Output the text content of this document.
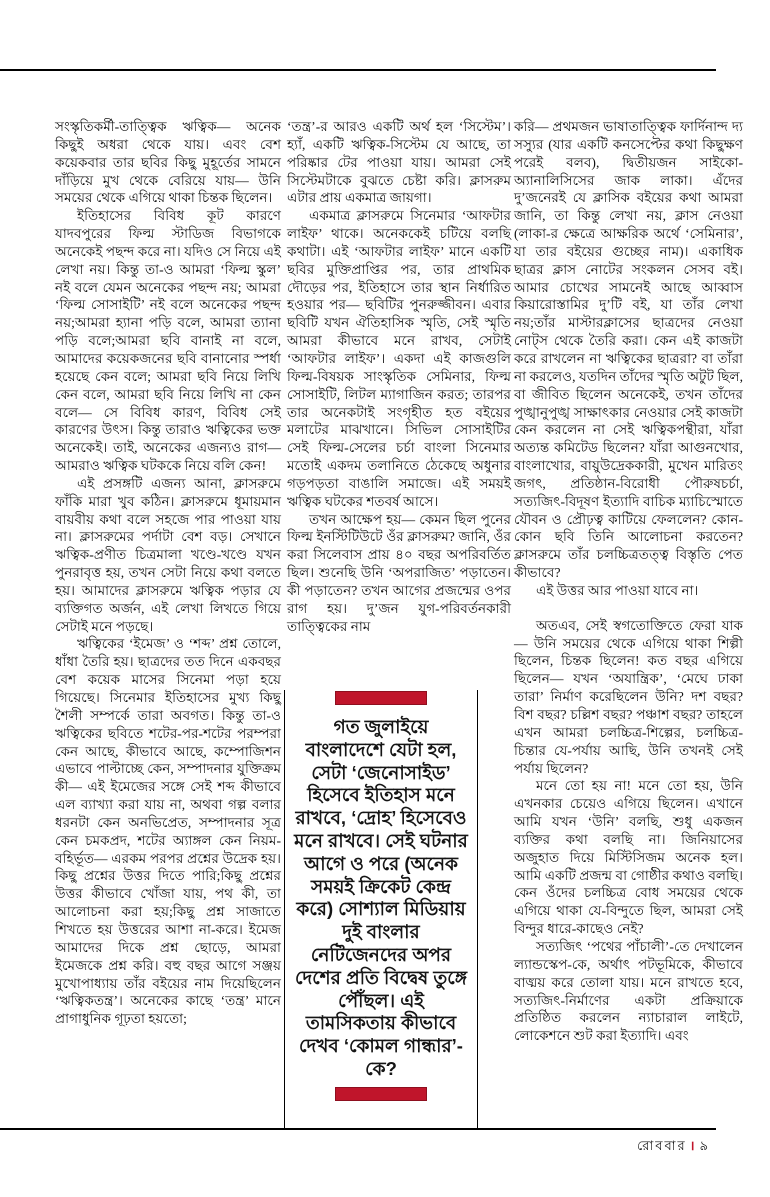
সংস্কৃতিকর্মী-তাত্ত্বিক ঋত্বিক— অনেক কিছুই অধরা থেকে যায়। এবং বেশ কয়েকবার তার ছবির কিছু মুহূর্তের সামনে দাঁড়িয়ে মুখ থেকে বেরিয়ে যায়— উনি সময়ের থেকে এগিয়ে থাকা চিন্তক ছিলেন।

ইতিহাসের বিবিধ কূট কারণে যাদবপুরের ফিল্ম স্টাডিজ বিভাগকে অনেকেই পছন্দ করে না। যদিও সে নিয়ে এই লেখা নয়। কিন্তু তা-ও আমরা ‘ফিল্ম স্কুল’ নই বলে যেমন অনেকের পছন্দ নয়; আমরা ‘ফিল্ম সোসাইটি’ নই বলে অনেকের পছন্দ নয়;আমরা হ্যানা পড়ি বলে, আমরা ত্যানা পড়ি বলে;আমরা ছবি বানাই না বলে, আমাদের কয়েকজনের ছবি বানানোর স্পর্ধা হয়েছে কেন বলে; আমরা ছবি নিয়ে লিখি কেন বলে, আমরা ছবি নিয়ে লিখি না কেন বলে— সে বিবিধ কারণ, বিবিধ সেই কারণের উৎস। কিন্তু তারাও ঋত্বিকের ভক্ত অনেকেই। তাই, অনেকের এজন্যও রাগ— আমরাও ঋত্বিক ঘটককে নিয়ে বলি কেন!

এই প্রসঙ্গটি এজন্য আনা, ক্লাসরুমে ফাঁকি মারা খুব কঠিন। ক্লাসরুমে ধূমায়মান বায়বীয় কথা বলে সহজে পার পাওয়া যায় না। ক্লাসরুমের পর্দাটা বেশ বড়। সেখানে ঋত্বিক-প্রণীত চিত্রমালা খণ্ডে-খণ্ডে যখন পুনরাবৃত্ত হয়, তখন সেটা নিয়ে কথা বলতে হয়। আমাদের ক্লাসরুমে ঋত্বিক পড়ার যে ব্যক্তিগত অর্জন, এই লেখা লিখতে গিয়ে সেটাই মনে পড়ছে।

ঋত্বিকের ‘ইমেজ’ ও ‘শব্দ’ প্রশ্ন তোলে, ধাঁধা তৈরি হয়। ছাত্রদের তত দিনে একবছর বেশ কয়েক মাসের সিনেমা পড়া হয়ে গিয়েছে। সিনেমার ইতিহাসের মুখ্য কিছু শৈলী সম্পর্কে তারা অবগত। কিন্তু তা-ও ঋত্বিকের ছবিতে শটের-পর-শটের পরম্পরা কেন আছে, কীভাবে আছে, কম্পোজিশন এভাবে পাল্টাচ্ছে কেন, সম্পাদনার যুক্তিক্রম কী— এই ইমেজের সঙ্গে সেই শব্দ কীভাবে এল ব্যাখ্যা করা যায় না, অথবা গল্প বলার ধরনটা কেন অনভিপ্রেত, সম্পাদনার সূত্র কেন চমকপ্রদ, শটের অ্যাঙ্গল কেন নিয়ম-বহির্ভূত— এরকম পরপর প্রশ্নের উদ্রেক হয়। কিছু প্রশ্নের উত্তর দিতে পারি;কিছু প্রশ্নের উত্তর কীভাবে খোঁজা যায়, পথ কী, তা আলোচনা করা হয়;কিছু প্রশ্ন সাজাতে শিখতে হয় উত্তরের আশা না-করে। ইমেজ আমাদের দিকে প্রশ্ন ছোড়ে, আমরা ইমেজকে প্রশ্ন করি। বহু বছর আগে সঞ্জয় মুখোপাধ্যায় তাঁর বইয়ের নাম দিয়েছিলেন ‘ঋত্বিকতন্ত্র’। অনেকের কাছে ‘তন্ত্র’ মানে প্রাগাধুনিক গূঢ়তা হয়তো;

‘তন্ত্র’-র আরও একটি অর্থ হল ‘সিস্টেম’। হ্যাঁ, একটি ঋত্বিক-সিস্টেম যে আছে, তা পরিষ্কার টের পাওয়া যায়। আমরা সেই সিস্টেমটাকে বুঝতে চেষ্টা করি। ক্লাসরুম এটার প্রায় একমাত্র জায়গা।

একমাত্র ক্লাসরুমে সিনেমার ‘আফটার লাইফ’ থাকে। অনেককেই চটিয়ে বলছি কথাটা। এই ‘আফটার লাইফ’ মানে একটি ছবির মুক্তিপ্রাপ্তির পর, তার প্রাথমিক দৌড়ের পর, ইতিহাসে তার স্থান নির্ধারিত হওয়ার পর— ছবিটির পুনরুজ্জীবন। এবার ছবিটি যখন ঐতিহাসিক স্মৃতি, সেই স্মৃতি আমরা কীভাবে মনে রাখব, সেটাই ‘আফটার লাইফ’। একদা এই কাজগুলি ফিল্ম-বিষয়ক সাংস্কৃতিক সেমিনার, ফিল্ম সোসাইটি, লিটল ম্যাগাজিন করত; তারপর তার অনেকটাই সংগৃহীত হত বইয়ের মলাটের মাঝখানে। সিভিল সোসাইটির সেই ফিল্ম-সেলের চর্চা বাংলা সিনেমার মতোই একদম তলানিতে ঠেকেছে অধুনার গড়পড়তা বাঙালি সমাজে। এই সময়ই ঋত্বিক ঘটকের শতবর্ষ আসে।

তখন আক্ষেপ হয়— কেমন ছিল পুনের ফিল্ম ইনস্টিটিউটে ওঁর ক্লাসরুম? জানি, ওঁর করা সিলেবাস প্রায় ৪০ বছর অপরিবর্তিত ছিল। শুনেছি উনি ‘অপরাজিত’ পড়াতেন। কী পড়াতেন? তখন আগের প্রজন্মের ওপর রাগ হয়। দু’জন যুগ-পরিবর্তনকারী তাত্ত্বিকের নাম

গত জুলাইয়ে বাংলাদেশে যেটা হল, সেটা ‘জেনোসাইড’ হিসেবে ইতিহাস মনে রাখবে, ‘দ্রোহ’ হিসেবেও মনে রাখবে। সেই ঘটনার আগে ও পরে (অনেক সময়ই ক্রিকেট কেন্দ্র করে) সোশ্যাল মিডিয়ায় দুই বাংলার নেটিজেনদের অপর দেশের প্রতি বিদ্বেষ তুঙ্গে পৌঁছল। এই তামসিকতায় কীভাবে দেখব ‘কোমল গান্ধার’-কে?

করি— প্রথমজন ভাষাতাত্ত্বিক ফার্দিনান্দ দ্য সস্যুর (যার একটি কনসেপ্টের কথা কিছুক্ষণ পরেই বলব), দ্বিতীয়জন সাইকো-অ্যানালিসিসের জাক লাকা। এঁদের দু’জনেরই যে ক্লাসিক বইয়ের কথা আমরা জানি, তা কিন্তু লেখা নয়, ক্লাস নেওয়া (লাকা-র ক্ষেত্রে আক্ষরিক অর্থে ‘সেমিনার’, যা তার বইয়ের গুচ্ছের নাম)। একাধিক ছাত্রর ক্লাস নোটের সংকলন সেসব বই। আমার চোখের সামনেই আছে আব্বাস কিয়ারোস্তামির দু’টি বই, যা তাঁর লেখা নয়;তাঁর মাস্টারক্লাসের ছাত্রদের নেওয়া নোট্‌স থেকে তৈরি করা। কেন এই কাজটা করে রাখলেন না ঋত্বিকের ছাত্ররা? বা তাঁরা না করলেও, যতদিন তাঁদের স্মৃতি অটুট ছিল, বা জীবিত ছিলেন অনেকেই, তখন তাঁদের পুঙ্খানুপুঙ্খ সাক্ষাৎকার নেওয়ার সেই কাজটা কেন করলেন না সেই ঋত্বিকপন্থীরা, যাঁরা অত্যন্ত কমিটেড ছিলেন? যাঁরা আগুনখোর, বাংলাখোর, বায়ুউদ্রেককারী, মুখেন মারিতং জগৎ, প্রতিষ্ঠান-বিরোধী পৌরুষচর্চা, সত্যজিৎ-বিদূষণ ইত্যাদি বাচিক ম্যাচিস্মোতে যৌবন ও প্রৌঢ়ত্ব কাটিয়ে ফেললেন? কোন-কোন ছবি তিনি আলোচনা করতেন? ক্লাসরুমে তাঁর চলচ্চিত্রতত্ত্ব বিস্তৃতি পেত কীভাবে?

এই উত্তর আর পাওয়া যাবে না।

অতএব, সেই স্বগতোক্তিতে ফেরা যাক— উনি সময়ের থেকে এগিয়ে থাকা শিল্পী ছিলেন, চিন্তক ছিলেন! কত বছর এগিয়ে ছিলেন— যখন ‘অযান্ত্রিক’, ‘মেঘে ঢাকা তারা’ নির্মাণ করেছিলেন উনি? দশ বছর? বিশ বছর? চল্লিশ বছর? পঞ্চাশ বছর? তাহলে এখন আমরা চলচ্চিত্র-শিল্পের, চলচ্চিত্র-চিন্তার যে-পর্যায় আছি, উনি তখনই সেই পর্যায় ছিলেন?

মনে তো হয় না! মনে তো হয়, উনি এখনকার চেয়েও এগিয়ে ছিলেন। এখানে আমি যখন ‘উনি’ বলছি, শুধু একজন ব্যক্তির কথা বলছি না। জিনিয়াসের অজুহাত দিয়ে মিস্টিসিজম অনেক হল। আমি একটি প্রজন্ম বা গোষ্ঠীর কথাও বলছি। কেন ওঁদের চলচ্চিত্র বোধ সময়ের থেকে এগিয়ে থাকা যে-বিন্দুতে ছিল, আমরা সেই বিন্দুর ধারে-কাছেও নেই?

সত্যজিৎ ‘পথের পাঁচালী’-তে দেখালেন ল্যান্ডস্কেপ-কে, অর্থাৎ পটভূমিকে, কীভাবে বাঙ্ময় করে তোলা যায়। মনে রাখতে হবে, সত্যজিৎ-নির্মাণের একটা প্রক্রিয়াকে প্রতিষ্ঠিত করলেন ন্যাচারাল লাইটে, লোকেশনে শুট করা ইত্যাদি। এবং

রোববার । ৯
